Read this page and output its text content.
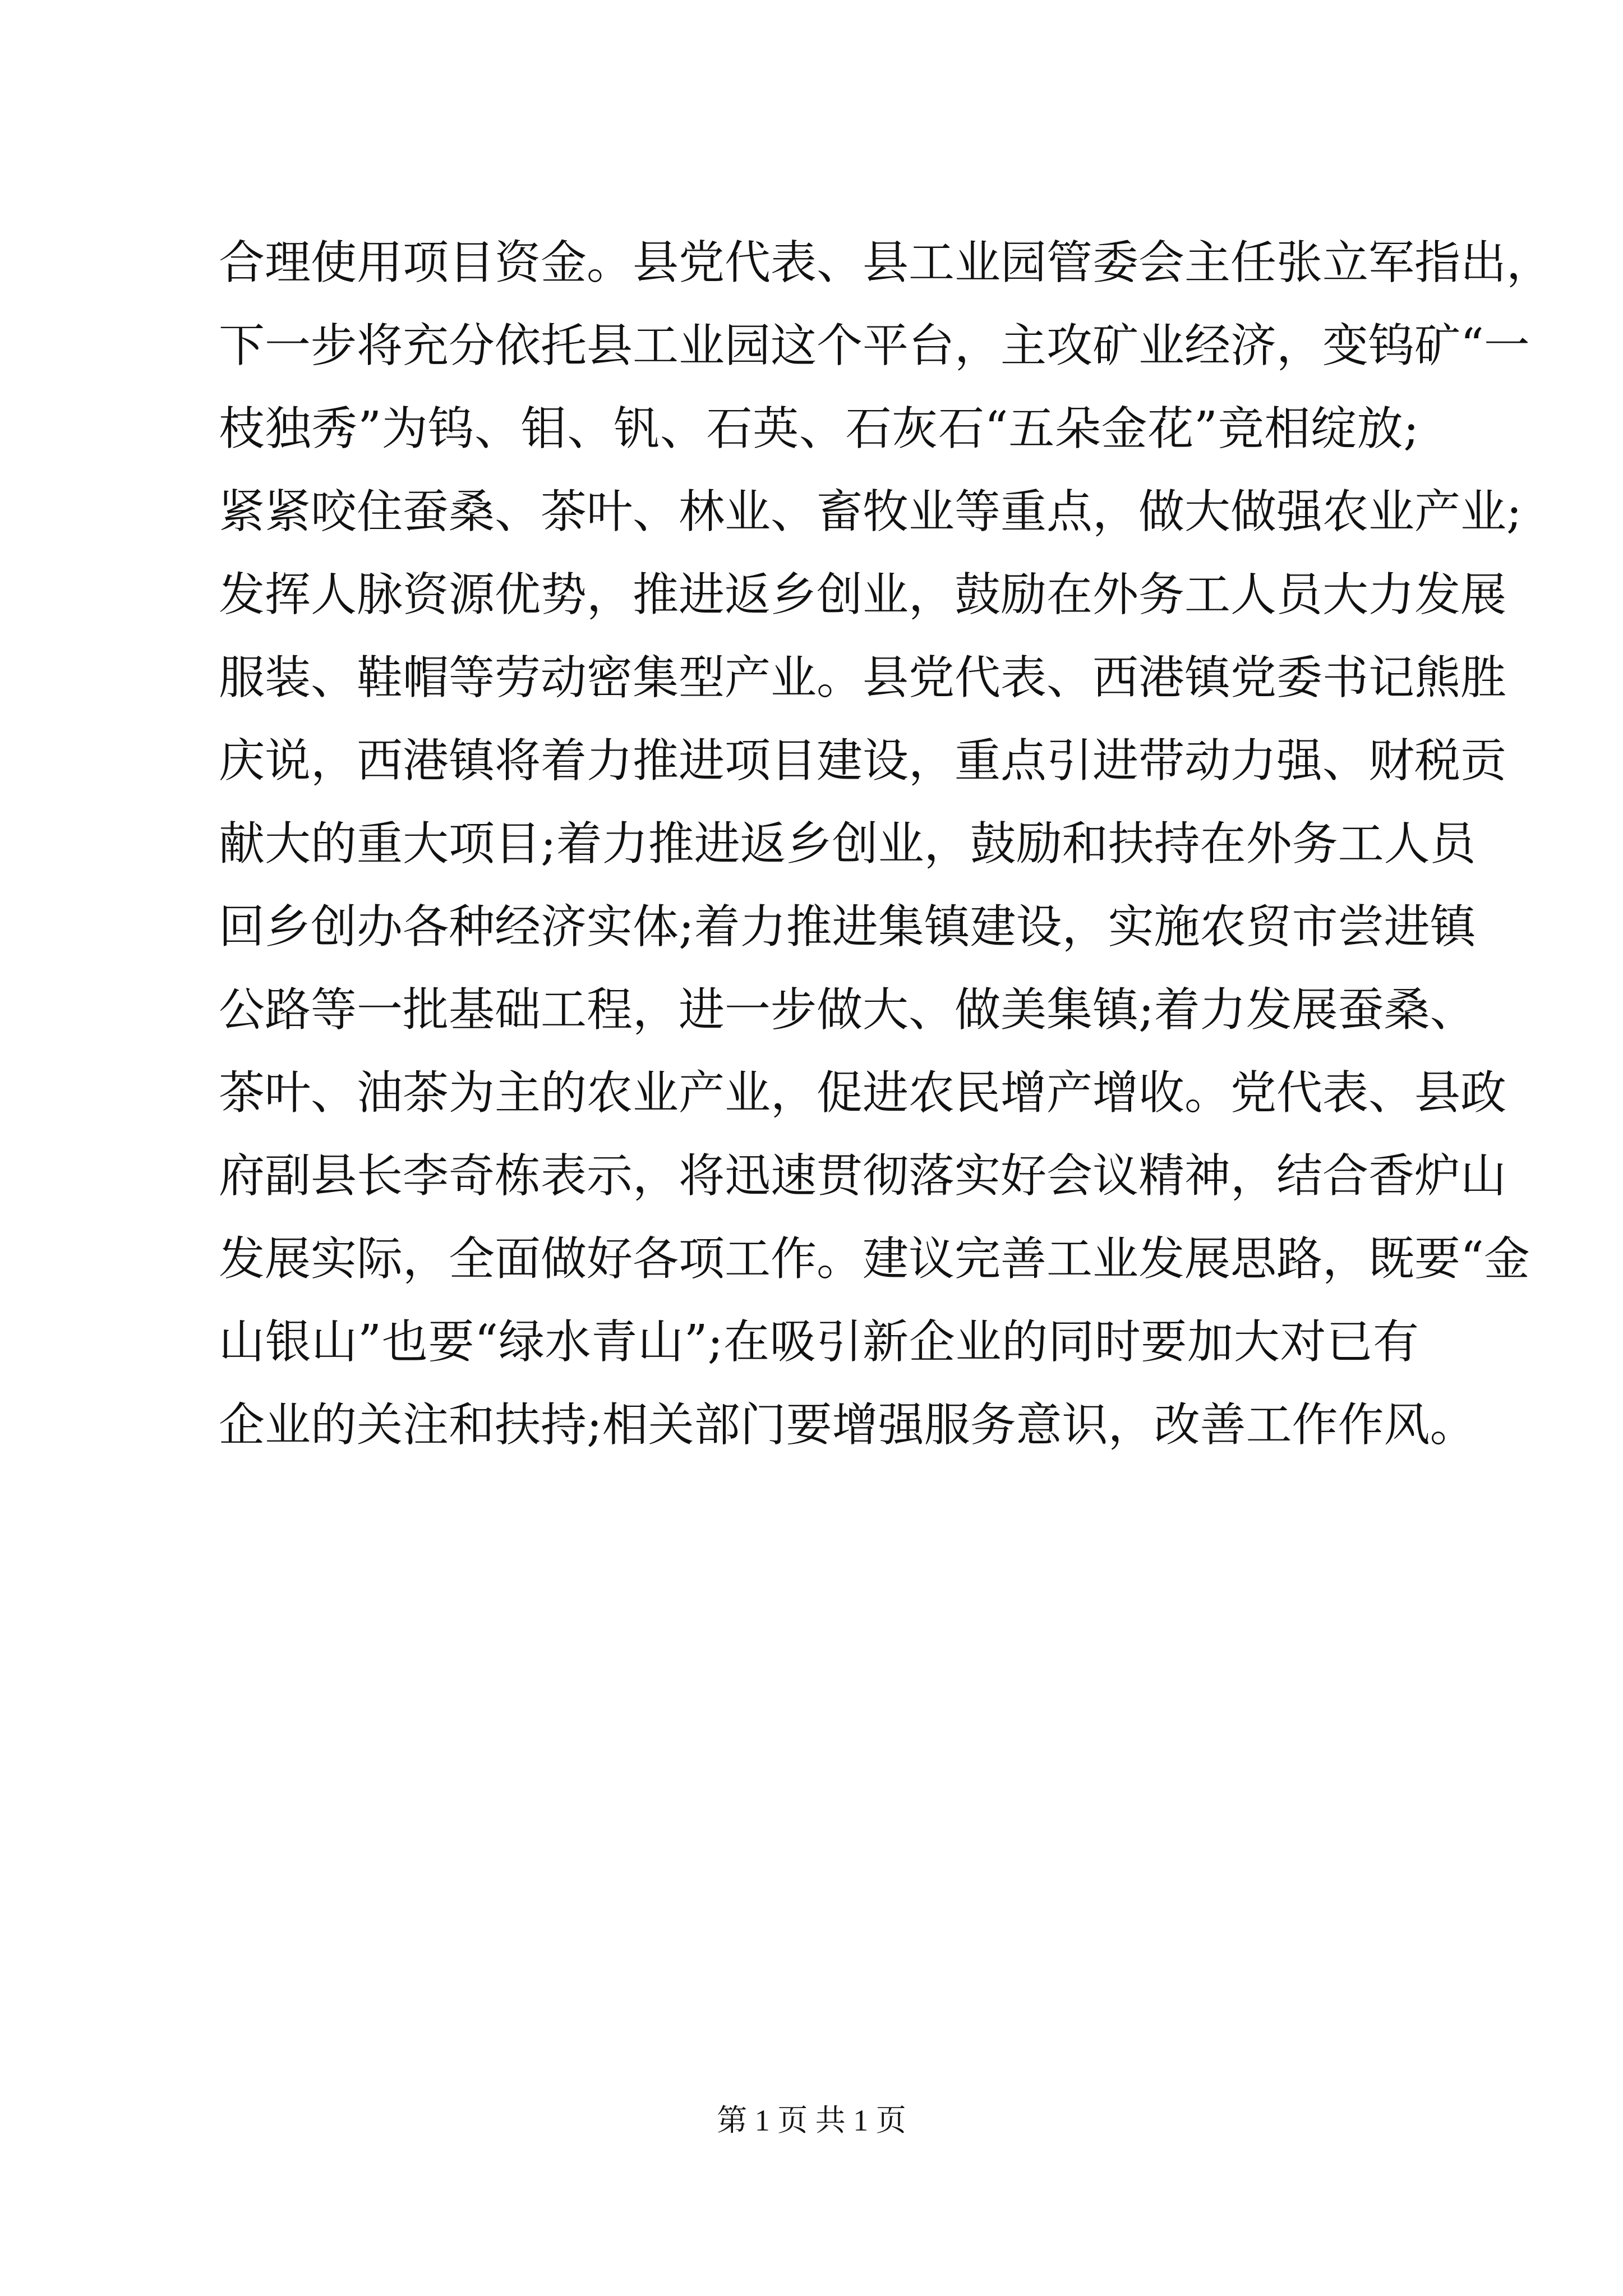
合理使用项目资金。县党代表、县工业园管委会主任张立军指出，
下一步将充分依托县工业园这个平台，主攻矿业经济，变钨矿“一
枝独秀”为钨、钼、钒、石英、石灰石“五朵金花”竞相绽放;
紧紧咬住蚕桑、茶叶、林业、畜牧业等重点，做大做强农业产业;
发挥人脉资源优势，推进返乡创业，鼓励在外务工人员大力发展
服装、鞋帽等劳动密集型产业。县党代表、西港镇党委书记熊胜
庆说，西港镇将着力推进项目建设，重点引进带动力强、财税贡
献大的重大项目;着力推进返乡创业，鼓励和扶持在外务工人员
回乡创办各种经济实体;着力推进集镇建设，实施农贸市尝进镇
公路等一批基础工程，进一步做大、做美集镇;着力发展蚕桑、
茶叶、油茶为主的农业产业，促进农民增产增收。党代表、县政
府副县长李奇栋表示，将迅速贯彻落实好会议精神，结合香炉山
发展实际，全面做好各项工作。建议完善工业发展思路，既要“金
山银山”也要“绿水青山”;在吸引新企业的同时要加大对已有
企业的关注和扶持;相关部门要增强服务意识，改善工作作风。
第 1 页 共 1 页
